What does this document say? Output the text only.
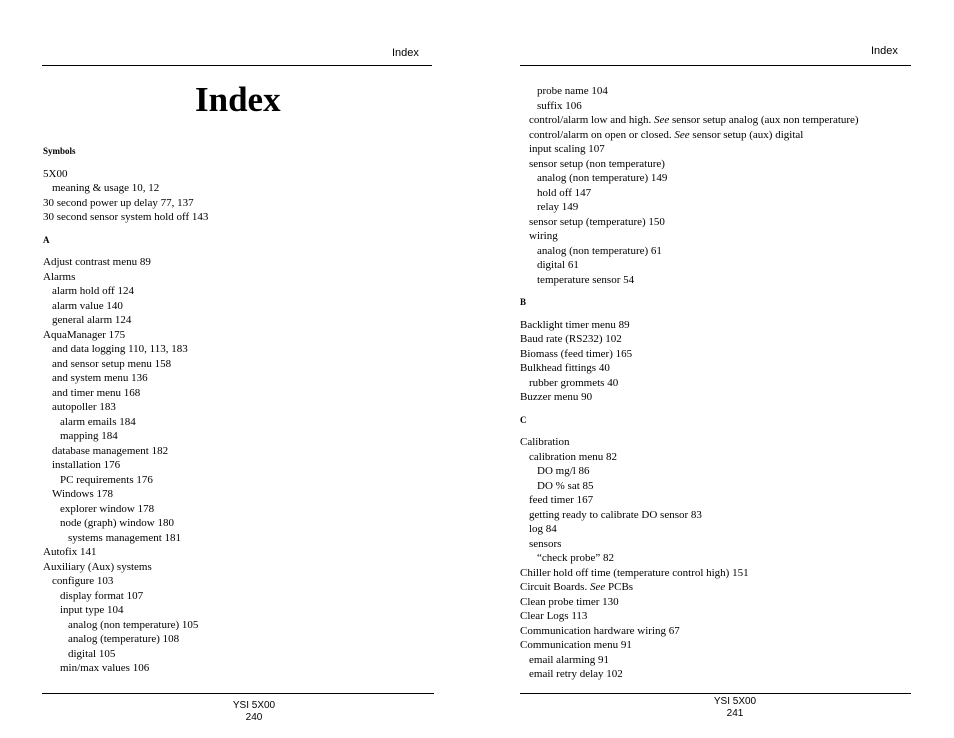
Index
Index
Symbols
5X00
meaning & usage 10, 12
30 second power up delay 77, 137
30 second sensor system hold off 143
A
Adjust contrast menu 89
Alarms
alarm hold off 124
alarm value 140
general alarm 124
AquaManager 175
and data logging 110, 113, 183
and sensor setup menu 158
and system menu 136
and timer menu 168
autopoller 183
alarm emails 184
mapping 184
database management 182
installation 176
PC requirements 176
Windows 178
explorer window 178
node (graph) window 180
systems management 181
Autofix 141
Auxiliary (Aux) systems
configure 103
display format 107
input type 104
analog (non temperature) 105
analog (temperature) 108
digital 105
min/max values 106
YSI 5X00
240
Index
probe name 104
suffix 106
control/alarm low and high. See sensor setup analog (aux non temperature)
control/alarm on open or closed. See sensor setup (aux) digital
input scaling 107
sensor setup (non temperature)
analog (non temperature) 149
hold off 147
relay 149
sensor setup (temperature) 150
wiring
analog (non temperature) 61
digital 61
temperature sensor 54
B
Backlight timer menu 89
Baud rate (RS232) 102
Biomass (feed timer) 165
Bulkhead fittings 40
rubber grommets 40
Buzzer menu 90
C
Calibration
calibration menu 82
DO mg/l 86
DO % sat 85
feed timer 167
getting ready to calibrate DO sensor 83
log 84
sensors
“check probe” 82
Chiller hold off time (temperature control high) 151
Circuit Boards. See PCBs
Clean probe timer 130
Clear Logs 113
Communication hardware wiring 67
Communication menu 91
email alarming 91
email retry delay 102
YSI 5X00
241
